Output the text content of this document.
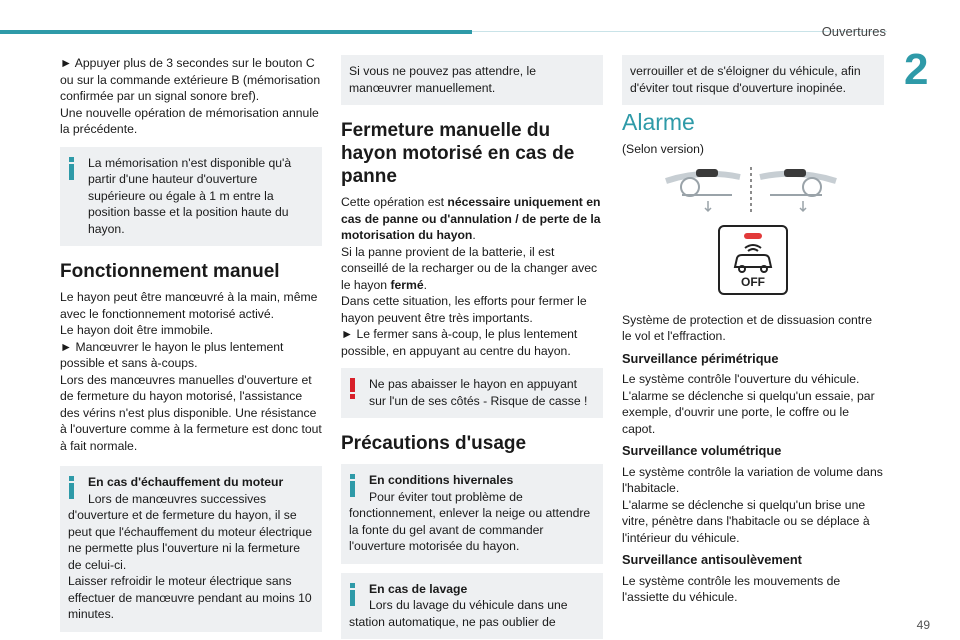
Ouvertures
2

► Appuyer plus de 3 secondes sur le bouton C ou sur la commande extérieure B (mémorisation confirmée par un signal sonore bref).

Une nouvelle opération de mémorisation annule la précédente.

La mémorisation n'est disponible qu'à partir d'une hauteur d'ouverture supérieure ou égale à 1 m entre la position basse et la position haute du hayon.
Fonctionnement manuel

Le hayon peut être manœuvré à la main, même avec le fonctionnement motorisé activé.

Le hayon doit être immobile.

► Manœuvrer le hayon le plus lentement possible et sans à-coups.

Lors des manœuvres manuelles d'ouverture et de fermeture du hayon motorisé, l'assistance des vérins n'est plus disponible. Une résistance à l'ouverture comme à la fermeture est donc tout à fait normale.

En cas d'échauffement du moteur
Lors de manœuvres successives d'ouverture et de fermeture du hayon, il se peut que l'échauffement du moteur électrique ne permette plus l'ouverture ni la fermeture de celui-ci.
Laisser refroidir le moteur électrique sans effectuer de manœuvre pendant au moins 10 minutes.
Si vous ne pouvez pas attendre, le manœuvrer manuellement.
Fermeture manuelle du hayon motorisé en cas de panne

Cette opération est nécessaire uniquement en cas de panne ou d'annulation / de perte de la motorisation du hayon.

Si la panne provient de la batterie, il est conseillé de la recharger ou de la changer avec le hayon fermé.

Dans cette situation, les efforts pour fermer le hayon peuvent être très importants.

► Le fermer sans à-coup, le plus lentement possible, en appuyant au centre du hayon.

Ne pas abaisser le hayon en appuyant sur l'un de ses côtés - Risque de casse !
Précautions d'usage
En conditions hivernales
Pour éviter tout problème de fonctionnement, enlever la neige ou attendre la fonte du gel avant de commander l'ouverture motorisée du hayon.
En cas de lavage
Lors du lavage du véhicule dans une station automatique, ne pas oublier de
verrouiller et de s'éloigner du véhicule, afin d'éviter tout risque d'ouverture inopinée.
Alarme

(Selon version)

OFF

Système de protection et de dissuasion contre le vol et l'effraction.

Surveillance périmétrique

Le système contrôle l'ouverture du véhicule.

L'alarme se déclenche si quelqu'un essaie, par exemple, d'ouvrir une porte, le coffre ou le capot.

Surveillance volumétrique

Le système contrôle la variation de volume dans l'habitacle.

L'alarme se déclenche si quelqu'un brise une vitre, pénètre dans l'habitacle ou se déplace à l'intérieur du véhicule.

Surveillance antisoulèvement

Le système contrôle les mouvements de l'assiette du véhicule.

49
